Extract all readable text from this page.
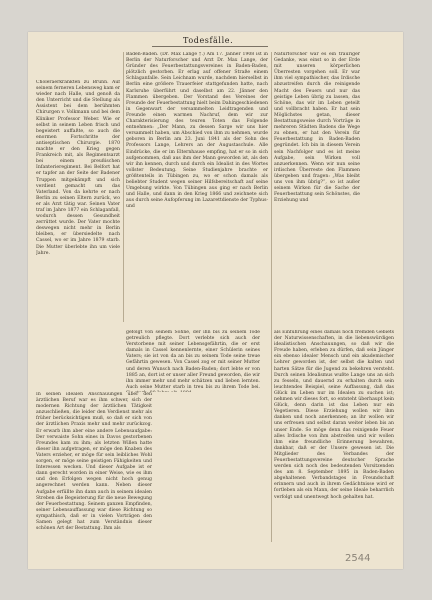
Todesfälle.

Choleraerkrankten zu Brünn. Auf seinem ferneren Lebensweg kam er wieder nach Halle, und genoß da den Unterricht und die Stellung als Assistent bei dem berühmten Chirurgen v. Volkmann und bei dem Kliniker Professor Weber. Wie er selbst in seinem Leben frisch und begeistert auffaßte, so auch die enormen Fortschritte der antiseptischen Chirurgie. 1870 machte er den Krieg gegen Frankreich mit, als Regimentsarzt bei einem preußischen Infanterieregiment. Bei Belfort hat er tapfer an der Seite der Badener Truppen mitgekämpft und sich verdient gemacht um das Vaterland. Von da kehrte er nach Berlin zu seinen Eltern zurück, wo er als Arzt tätig war. Seinen Vater traf im Jahre 1877 ein Schlaganfall, wodurch dessen Gesundheit zerrüttet wurde. Der Vater mochte deswegen nicht mehr in Berlin bleiben, er übersiedelte nach Cassel, wo er im Jahre 1879 starb. Die Mutter überlebte ihn um viele Jahre.

Baden-Baden. (Dr. Max Lange †.) Am 17. Jänner 1908 ist in Berlin der Naturforscher und Arzt Dr. Max Lange, der Gründer des Feuerbestattungsvereines in Baden-Baden, plötzlich gestorben. Er erlag auf offener Straße einem Schlaganfalle. Sein Leichnam wurde, nachdem hierselbst in Berlin eine größere Trauerfeier stattgefunden hatte, nach Karlsruhe überführt und daselbst am 22. Jänner den Flammen übergeben. Der Vorstand des Vereines der Freunde der Feuerbestattung hielt beim Dahingeschiedenen in Gegenwart der versammelten Leidtragenden und Freunde einen warmen Nachruf, dem wir zur Charakterisierung des teuren Toten das Folgende entnehmen: „Der Mann, zu dessen Sarge wir uns hier versammelt haben, um Abschied von ihm zu nehmen, wurde geboren in Berlin am 23. Juni 1841 als der Sohn des Professors Lange, Lehrers an der Augustaschule. Alle Eindrücke, die er im Elternhause empfing, hat er so in sich aufgenommen, daß aus ihm der Mann geworden ist, als den wir ihn kennen, durch und durch ein Idealist in des Wortes vollster Bedeutung. Seine Studienjahre brachte er größtenteils in Tübingen zu, wo er schon damals als beliebter Student wegen seiner Hilfsbereitschaft auf seine Umgebung wirkte. Von Tübingen aus ging er nach Berlin und Halle, und dann in den Krieg 1866 und zeichnete sich aus durch seine Aufopferung im Lazarettdienste der Typhus- und

Naturforscher war es ein trauriger Gedanke, was einst so in der Erde mit unseren körperlichen Überresten vorgehen soll. Er war ihm viel sympathischer, das Irdische abzustreifen durch die reinigende Macht des Feuers und nur das geistige Leben übrig zu lassen, das Schöne, das wir im Leben geteilt und vollbracht haben. Er hat sein Möglichstes getan, dieser Bestattungsweise durch Vorträge in mehreren Städten Badens die Wege zu ebnen, er hat den Verein für Feuerbestattung in Baden-Baden gegründet. Ich bin in diesem Verein sein Nachfolger und es ist meine Aufgabe, sein Wirken voll anzuerkennen. Wenn wir nun seine irdischen Überreste den Flammen übergeben und fragen: „Was bleibt uns von ihm übrig?“, so ist außer seinem Wirken für die Sache der Feuerbestattung sein Schönstes, die Erziehung und

In seinen idealen Anschauungen über den ärztlichen Beruf war es ihm schwer, sich der modernen Richtung der ärztlichen Tätigkeit anzuschließen, die leider den Verdienst mehr als früher berücksichtigen muß, so daß er sich von der ärztlichen Praxis mehr und mehr zurückzog. Er erwarb ihm aber eine andere Lebensaufgabe: Der verwaiste Sohn eines in Davos gestorbenen Freundes kam zu ihm; als letzten Willen hatte dieser ihn aufgetragen, er möge den Knaben des Vaters erzieher, er möge für sein leibliches Wohl sorgen, er möge seine geistigen Fähigkeiten und Interessen wecken. Und dieser Aufgabe ist er dann gerecht worden in einer Weise, wie es ihm und den Erfolgen wegen nicht hoch genug angerechnet werden kann. Neben dieser Aufgabe erfüllte ihn dann auch in seinem idealen Streben die Begeisterung für die neue Bewegung der Feuerbestattung. Seinem ganzen Empfinden, seiner Lebensauffassung war diese Richtung so sympathisch, daß er in vielen Vorträgen den Samen gelegt hat zum Verständnis dieser schönen Art der Bestattung. Ihm als

gefolgt von seinem Sohne, der ihn bis zu seinem Tode getreulich pflegte. Dort verlebte sich auch der Verstorbene mit seiner Lebensgefährtin, die er erst damals in Cassel kennenlernte, einer Schülerin seines Vaters; sie ist von da an bis zu seinem Tode seine treue Gefährtin gewesen. Von Cassel zog er mit seiner Mutter und deren Wunsch nach Baden-Baden; dort lebte er von 1885 an, dort ist er unser aller Freund geworden, die wir ihn immer mehr und mehr schätzen und lieben lernten. Auch seine Mutter starb in treu bis zu ihrem Tode bei.

als Einführung eines damals noch fremden Gebiets der Naturwissenschaften, in die liebenswürdigen idealistischen Anschauungen, so daß wir die Freude haben, erleben zu dürfen, daß sein Jünger ein ebenso idealer Mensch und ein akademischer Lehrer geworden ist, der selbst die kalten und harten Sätze für die Jugend zu bekehren versteht. Durch seinen Idealismus wußte Lange uns an sich zu fesseln, und dauernd zu erhalten durch sein leuchtendes Beispiel, seine Auffassung, daß das Glück im Leben nur im Idealen zu suchen ist; nehmen wir dieses fort, so entsteht überhaupt kein Glück, denn darin ist das Leben nur ein Vegetieren. Diese Erziehung wollen wir ihm danken und noch anerkennen; an ihr wollen wir uns erfreuen und selbst daran weiter leben bis an unser Ende. So möge denn das reinigende Feuer alles Irdische von ihm abstreifen und wir wollen ihm eine freundliche Erinnerung bewahren, dankbar, daß er der Unsere gewesen ist. Die Mitglieder des Verbandes der Feuerbestattungsvereine deutscher Sprache werden sich noch des bedeutenden Vorsitzenden des am 8. September 1895 in Baden-Baden abgehaltenen Verbandstages in Freundschaft erinnern und auch in ihrem Gedächtnisse wird er fortleben als ein Mann, der seine Ideale beharrlich verfolgt und unentwegt hoch gehalten hat.

2544
